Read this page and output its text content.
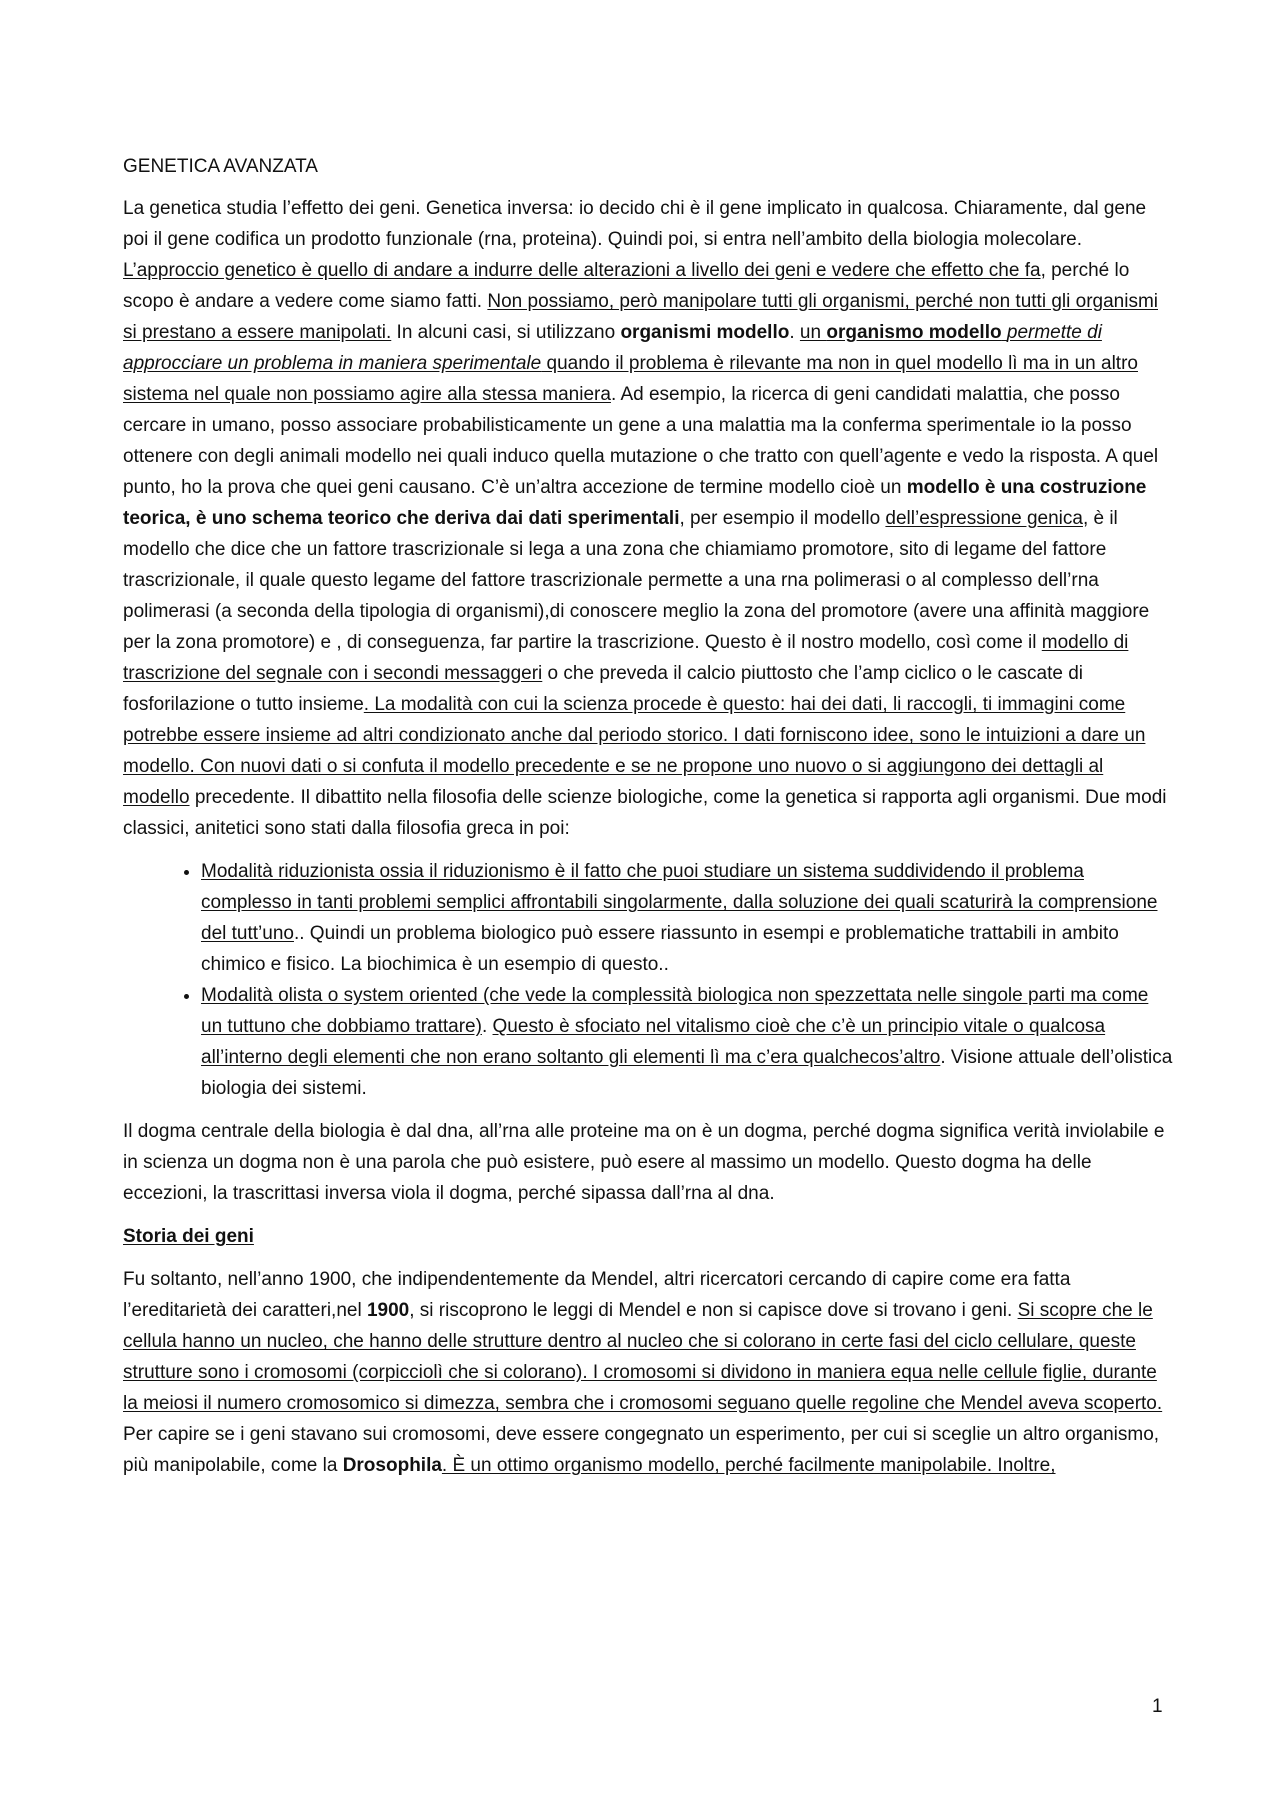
GENETICA AVANZATA

La genetica studia l’effetto dei geni. Genetica inversa: io decido chi è il gene implicato in qualcosa. Chiaramente, dal gene poi il gene codifica un prodotto funzionale (rna, proteina). Quindi poi, si entra nell’ambito della biologia molecolare. L’approccio genetico è quello di andare a indurre delle alterazioni a livello dei geni e vedere che effetto che fa, perché lo scopo è andare a vedere come siamo fatti. Non possiamo, però manipolare tutti gli organismi, perché non tutti gli organismi si prestano a essere manipolati. In alcuni casi, si utilizzano organismi modello. un organismo modello permette di approcciare un problema in maniera sperimentale quando il problema è rilevante ma non in quel modello lì ma in un altro sistema nel quale non possiamo agire alla stessa maniera. Ad esempio, la ricerca di geni candidati malattia, che posso cercare in umano, posso associare probabilisticamente un gene a una malattia ma la conferma sperimentale io la posso ottenere con degli animali modello nei quali induco quella mutazione o che tratto con quell’agente e vedo la risposta. A quel punto, ho la prova che quei geni causano. C’è un’altra accezione de termine modello cioè un modello è una costruzione teorica, è uno schema teorico che deriva dai dati sperimentali, per esempio il modello dell’espressione genica, è il modello che dice che un fattore trascrizionale si lega a una zona che chiamiamo promotore, sito di legame del fattore trascrizionale, il quale questo legame del fattore trascrizionale permette a una rna polimerasi o al complesso dell’rna polimerasi (a seconda della tipologia di organismi),di conoscere meglio la zona del promotore (avere una affinità maggiore per la zona promotore) e , di conseguenza, far partire la trascrizione. Questo è il nostro modello, così come il modello di trascrizione del segnale con i secondi messaggeri o che preveda il calcio piuttosto che l’amp ciclico o le cascate di fosforilazione o tutto insieme. La modalità con cui la scienza procede è questo: hai dei dati, li raccogli, ti immagini come potrebbe essere insieme ad altri condizionato anche dal periodo storico. I dati forniscono idee, sono le intuizioni a dare un modello. Con nuovi dati o si confuta il modello precedente e se ne propone uno nuovo o si aggiungono dei dettagli al modello precedente. Il dibattito nella filosofia delle scienze biologiche, come la genetica si rapporta agli organismi. Due modi classici, anitetici sono stati dalla filosofia greca in poi:

• Modalità riduzionista ossia il riduzionismo è il fatto che puoi studiare un sistema suddividendo il problema complesso in tanti problemi semplici affrontabili singolarmente, dalla soluzione dei quali scaturirà la comprensione del tutt’uno.. Quindi un problema biologico può essere riassunto in esempi e problematiche trattabili in ambito chimico e fisico. La biochimica è un esempio di questo..
• Modalità olista o system oriented (che vede la complessità biologica non spezzettata nelle singole parti ma come un tuttuno che dobbiamo trattare). Questo è sfociato nel vitalismo cioè che c’è un principio vitale o qualcosa all’interno degli elementi che non erano soltanto gli elementi lì ma c’era qualchecos’altro. Visione attuale dell’olistica biologia dei sistemi.

Il dogma centrale della biologia è dal dna, all’rna alle proteine ma on è un dogma, perché dogma significa verità inviolabile e in scienza un dogma non è una parola che può esistere, può esere al massimo un modello. Questo dogma ha delle eccezioni, la trascrittasi inversa viola il dogma, perché sipassa dall’rna al dna.

Storia dei geni

Fu soltanto, nell’anno 1900, che indipendentemente da Mendel, altri ricercatori cercando di capire come era fatta l’ereditarietà dei caratteri,nel 1900, si riscoprono le leggi di Mendel e non si capisce dove si trovano i geni. Si scopre che le cellula hanno un nucleo, che hanno delle strutture dentro al nucleo che si colorano in certe fasi del ciclo cellulare, queste strutture sono i cromosomi (corpicciolì che si colorano). I cromosomi si dividono in maniera equa nelle cellule figlie, durante la meiosi il numero cromosomico si dimezza, sembra che i cromosomi seguano quelle regoline che Mendel aveva scoperto. Per capire se i geni stavano sui cromosomi, deve essere congegnato un esperimento, per cui si sceglie un altro organismo, più manipolabile, come la Drosophila. È un ottimo organismo modello, perché facilmente manipolabile. Inoltre,

1
